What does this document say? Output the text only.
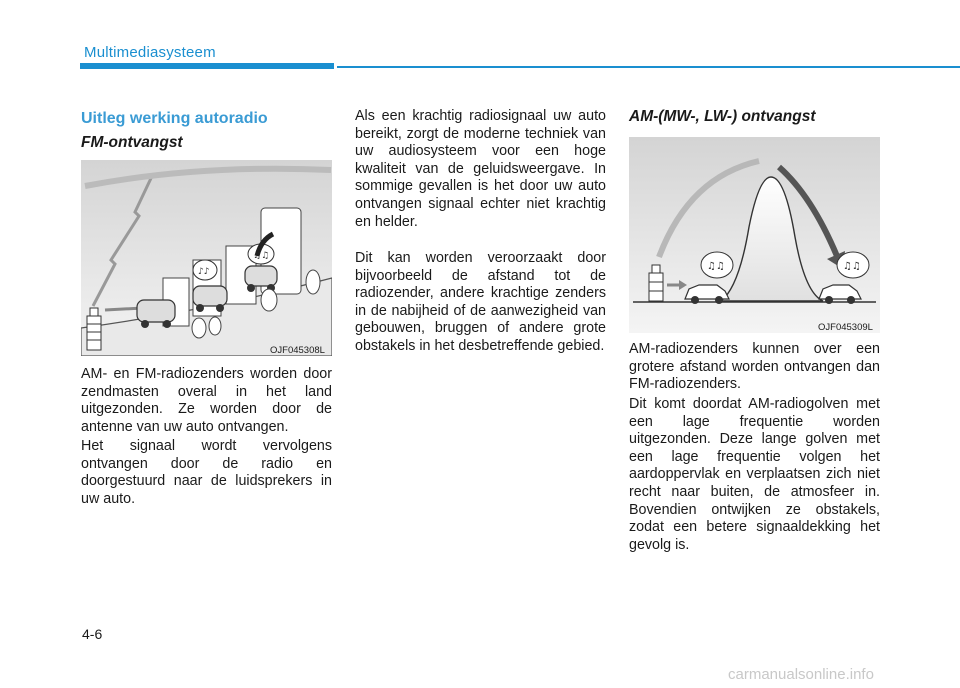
Multimediasysteem
Uitleg werking autoradio
FM-ontvangst
♪♪
♫♫
OJF045308L

AM- en FM-radiozenders worden door zendmasten overal in het land uitgezonden. Ze worden door de antenne van uw auto ontvangen.

Het signaal wordt vervolgens ontvangen door de radio en doorgestuurd naar de luidsprekers in uw auto.

Als een krachtig radiosignaal uw auto bereikt, zorgt de moderne techniek van uw audiosysteem voor een hoge kwaliteit van de geluidsweergave. In sommige gevallen is het door uw auto ontvangen signaal echter niet krachtig en helder.

Dit kan worden veroorzaakt door bijvoorbeeld de afstand tot de radiozender, andere krachtige zenders in de nabijheid of de aanwezigheid van gebouwen, bruggen of andere grote obstakels in het desbetreffende gebied.

AM-(MW-, LW-) ontvangst
♫♫	♫♫
OJF045309L

AM-radiozenders kunnen over een grotere afstand worden ontvangen dan FM-radiozenders.

Dit komt doordat AM-radiogolven met een lage frequentie worden uitgezonden. Deze lange golven met een lage frequentie volgen het aardoppervlak en verplaatsen zich niet recht naar buiten, de atmosfeer in. Bovendien ontwijken ze obstakels, zodat een betere signaaldekking het gevolg is.

4-6
carmanualsonline.info
